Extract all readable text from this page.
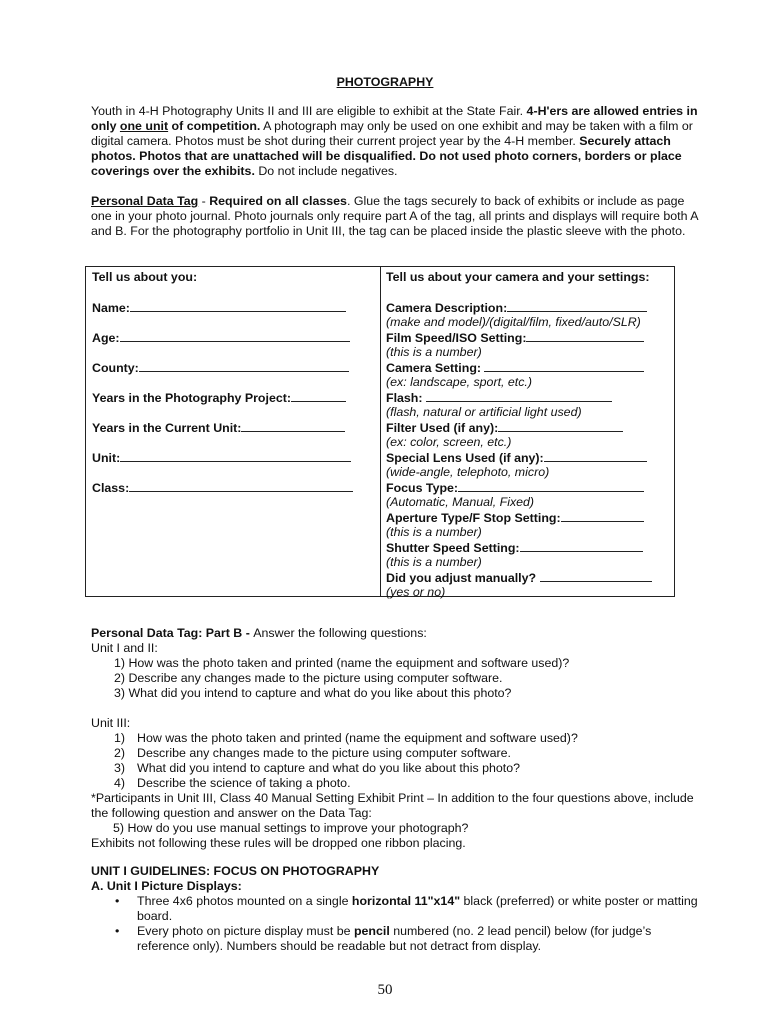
PHOTOGRAPHY

Youth in 4-H Photography Units II and III are eligible to exhibit at the State Fair. 4-H'ers are allowed entries in only one unit of competition. A photograph may only be used on one exhibit and may be taken with a film or digital camera. Photos must be shot during their current project year by the 4-H member. Securely attach photos. Photos that are unattached will be disqualified. Do not used photo corners, borders or place coverings over the exhibits. Do not include negatives.

Personal Data Tag - Required on all classes. Glue the tags securely to back of exhibits or include as page one in your photo journal. Photo journals only require part A of the tag, all prints and displays will require both A and B. For the photography portfolio in Unit III, the tag can be placed inside the plastic sleeve with the photo.

Tell us about you:
Name:
Age:
County:
Years in the Photography Project:
Years in the Current Unit:
Unit:
Class:
Tell us about your camera and your settings:
Camera Description:
(make and model)/(digital/film, fixed/auto/SLR)
Film Speed/ISO Setting:
(this is a number)
Camera Setting:
(ex: landscape, sport, etc.)
Flash:
(flash, natural or artificial light used)
Filter Used (if any):
(ex: color, screen, etc.)
Special Lens Used (if any):
(wide-angle, telephoto, micro)
Focus Type:
(Automatic, Manual, Fixed)
Aperture Type/F Stop Setting:
(this is a number)
Shutter Speed Setting:
(this is a number)
Did you adjust manually?
(yes or no)
Personal Data Tag: Part B - Answer the following questions:
Unit I and II:
1) How was the photo taken and printed (name the equipment and software used)?
2) Describe any changes made to the picture using computer software.
3) What did you intend to capture and what do you like about this photo?
Unit III:
1) How was the photo taken and printed (name the equipment and software used)?
2) Describe any changes made to the picture using computer software.
3) What did you intend to capture and what do you like about this photo?
4) Describe the science of taking a photo.

*Participants in Unit III, Class 40 Manual Setting Exhibit Print – In addition to the four questions above, include the following question and answer on the Data Tag:

5) How do you use manual settings to improve your photograph?
Exhibits not following these rules will be dropped one ribbon placing.
UNIT I GUIDELINES: FOCUS ON PHOTOGRAPHY
A. Unit I Picture Displays:
• Three 4x6 photos mounted on a single horizontal 11"x14" black (preferred) or white poster or matting board.
• Every photo on picture display must be pencil numbered (no. 2 lead pencil) below (for judge’s reference only). Numbers should be readable but not detract from display.
50
